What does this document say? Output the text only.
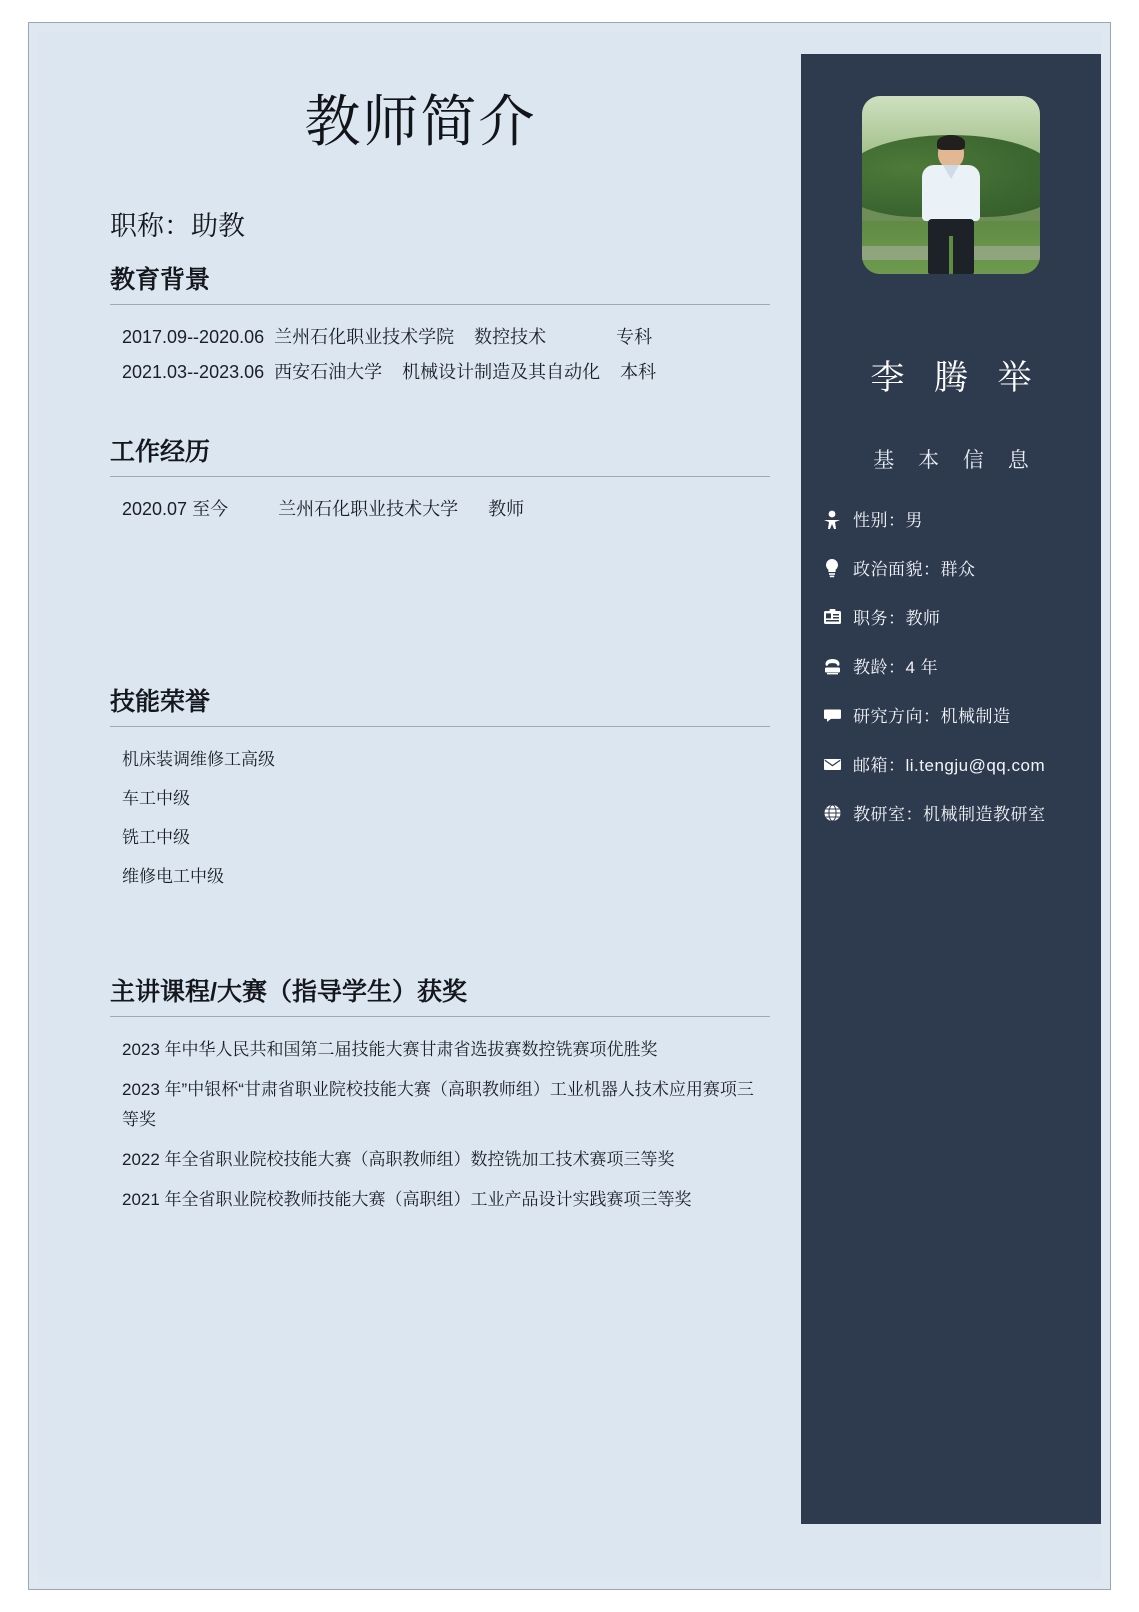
教师简介
职称：助教
教育背景

2017.09--2020.06  兰州石化职业技术学院    数控技术              专科

2021.03--2023.06  西安石油大学    机械设计制造及其自动化    本科

工作经历

2020.07 至今          兰州石化职业技术大学      教师

技能荣誉

机床装调维修工高级

车工中级

铣工中级

维修电工中级

主讲课程/大赛（指导学生）获奖

2023 年中华人民共和国第二届技能大赛甘肃省选拔赛数控铣赛项优胜奖

2023 年”中银杯“甘肃省职业院校技能大赛（高职教师组）工业机器人技术应用赛项三等奖

2022 年全省职业院校技能大赛（高职教师组）数控铣加工技术赛项三等奖

2021 年全省职业院校教师技能大赛（高职组）工业产品设计实践赛项三等奖

李 腾 举
基 本 信 息
性别：男
政治面貌：群众
职务：教师
教龄：4 年
研究方向：机械制造
邮箱：li.tengju@qq.com
教研室：机械制造教研室
